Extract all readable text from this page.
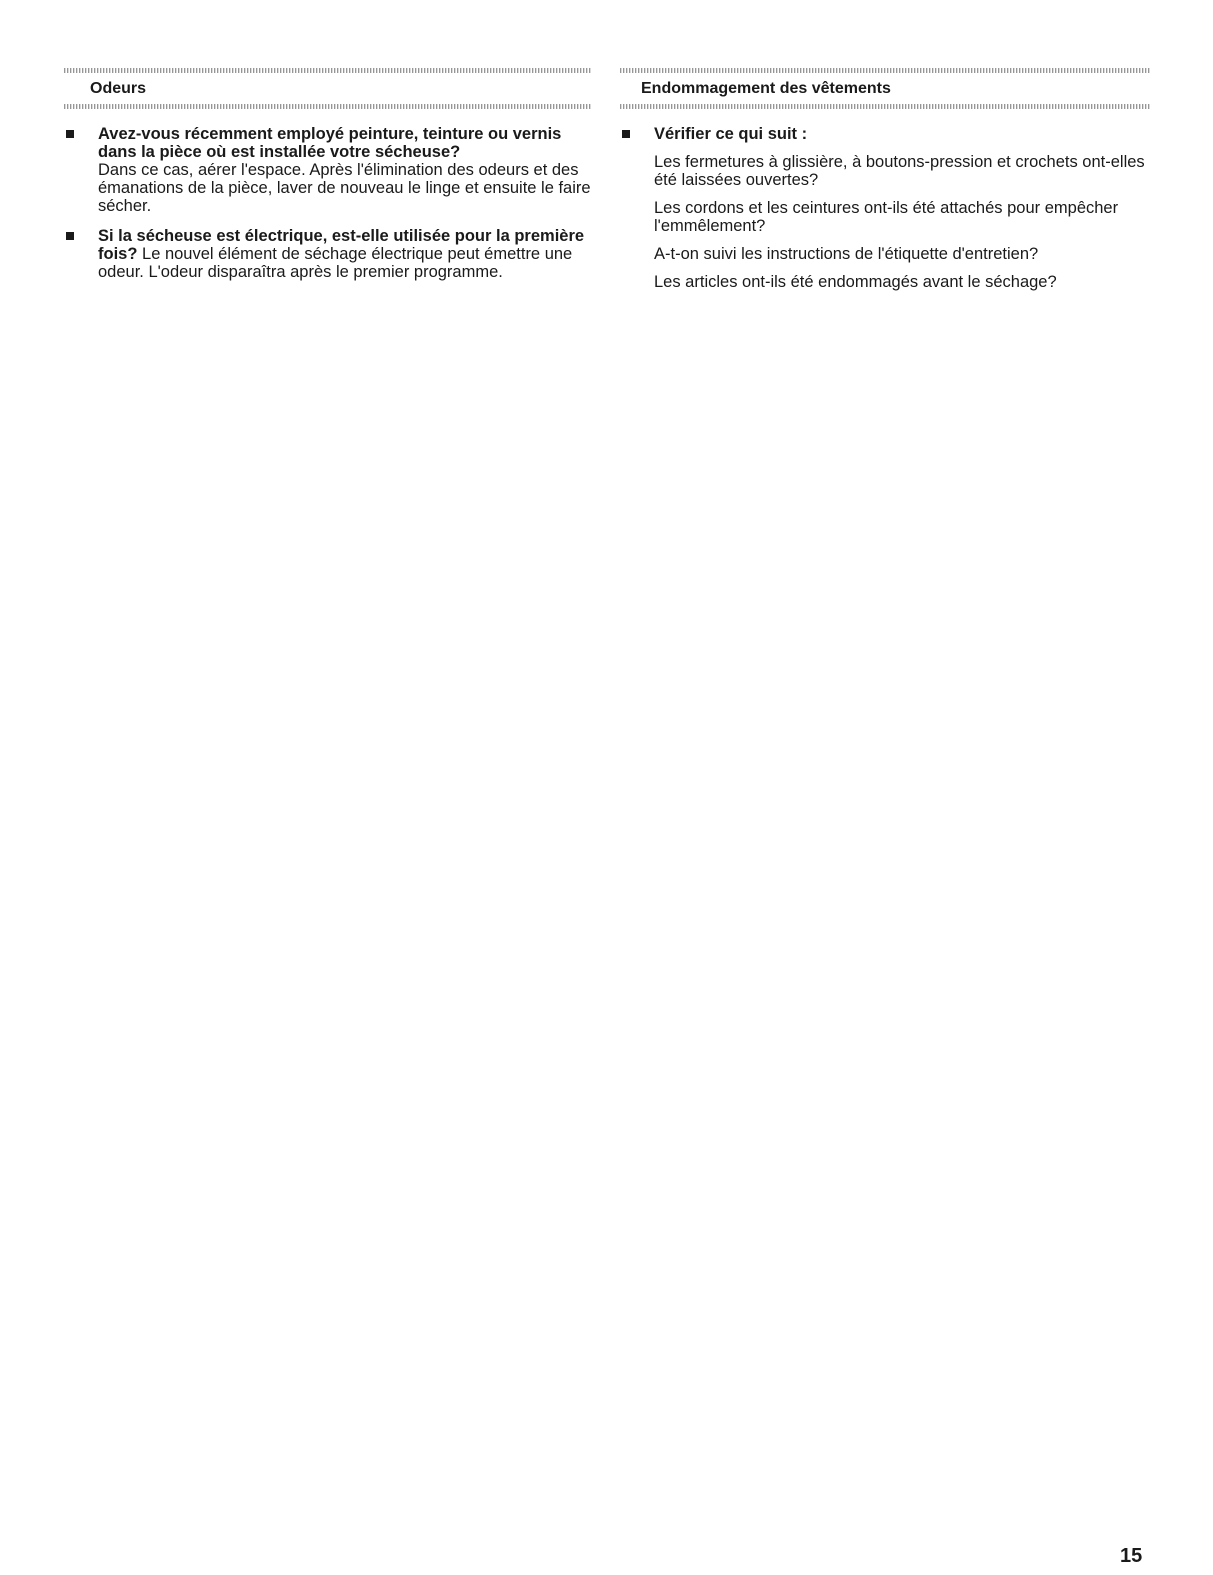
Odeurs
Avez-vous récemment employé peinture, teinture ou vernis dans la pièce où est installée votre sécheuse?
Dans ce cas, aérer l'espace. Après l'élimination des odeurs et des émanations de la pièce, laver de nouveau le linge et ensuite le faire sécher.
Si la sécheuse est électrique, est-elle utilisée pour la première fois? Le nouvel élément de séchage électrique peut émettre une odeur. L'odeur disparaîtra après le premier programme.
Endommagement des vêtements
Vérifier ce qui suit :

Les fermetures à glissière, à boutons-pression et crochets ont-elles été laissées ouvertes?

Les cordons et les ceintures ont-ils été attachés pour empêcher l'emmêlement?

A-t-on suivi les instructions de l'étiquette d'entretien?

Les articles ont-ils été endommagés avant le séchage?

15
